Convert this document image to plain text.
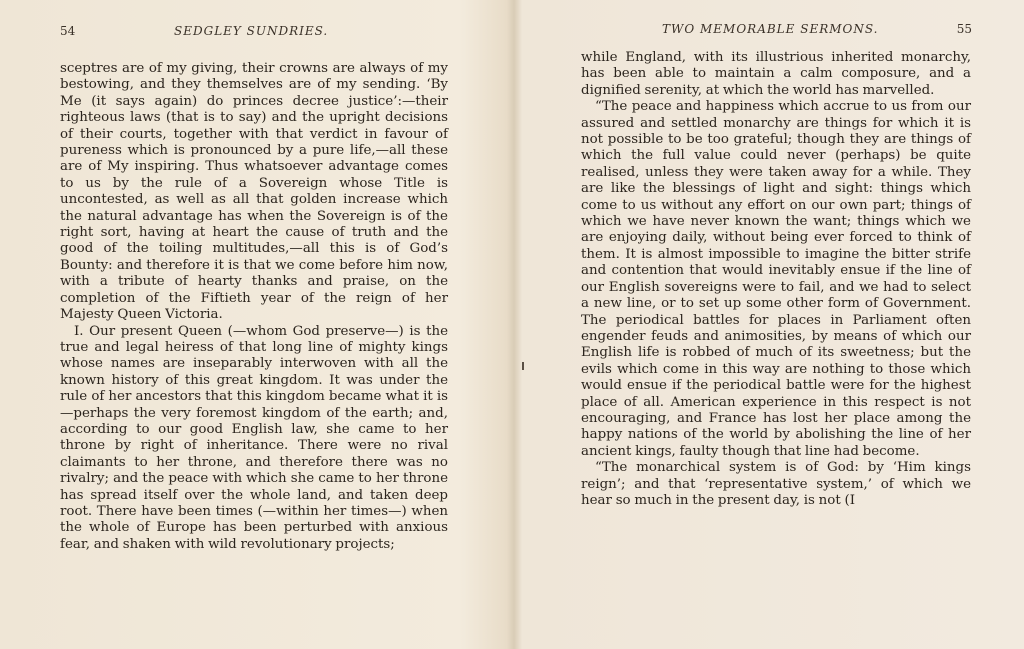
54	SEDGLEY SUNDRIES.

sceptres are of my giving, their crowns are always of my bestowing, and they themselves are of my sending. ‘By Me (it says again) do princes decree justice’:—their righteous laws (that is to say) and the upright decisions of their courts, together with that verdict in favour of pureness which is pronounced by a pure life,—all these are of My inspiring. Thus whatsoever advantage comes to us by the rule of a Sovereign whose Title is uncontested, as well as all that golden increase which the natural advantage has when the Sovereign is of the right sort, having at heart the cause of truth and the good of the toiling multitudes,—all this is of God’s Bounty: and therefore it is that we come before him now, with a tribute of hearty thanks and praise, on the completion of the Fiftieth year of the reign of her Majesty Queen Victoria.

I. Our present Queen (—whom God preserve—) is the true and legal heiress of that long line of mighty kings whose names are inseparably interwoven with all the known history of this great kingdom. It was under the rule of her ancestors that this kingdom became what it is—perhaps the very foremost kingdom of the earth; and, according to our good English law, she came to her throne by right of inheritance. There were no rival claimants to her throne, and therefore there was no rivalry; and the peace with which she came to her throne has spread itself over the whole land, and taken deep root. There have been times (—within her times—) when the whole of Europe has been perturbed with anxious fear, and shaken with wild revolutionary projects;

TWO MEMORABLE SERMONS.	55

while England, with its illustrious inherited monarchy, has been able to maintain a calm composure, and a dignified serenity, at which the world has marvelled.

“The peace and happiness which accrue to us from our assured and settled monarchy are things for which it is not possible to be too grateful; though they are things of which the full value could never (perhaps) be quite realised, unless they were taken away for a while. They are like the blessings of light and sight: things which come to us without any effort on our own part; things of which we have never known the want; things which we are enjoying daily, without being ever forced to think of them. It is almost impossible to imagine the bitter strife and contention that would inevitably ensue if the line of our English sovereigns were to fail, and we had to select a new line, or to set up some other form of Government. The periodical battles for places in Parliament often engender feuds and animosities, by means of which our English life is robbed of much of its sweetness; but the evils which come in this way are nothing to those which would ensue if the periodical battle were for the highest place of all. American experience in this respect is not encouraging, and France has lost her place among the happy nations of the world by abolishing the line of her ancient kings, faulty though that line had become.

“The monarchical system is of God: by ‘Him kings reign’; and that ‘representative system,’ of which we hear so much in the present day, is not (I
